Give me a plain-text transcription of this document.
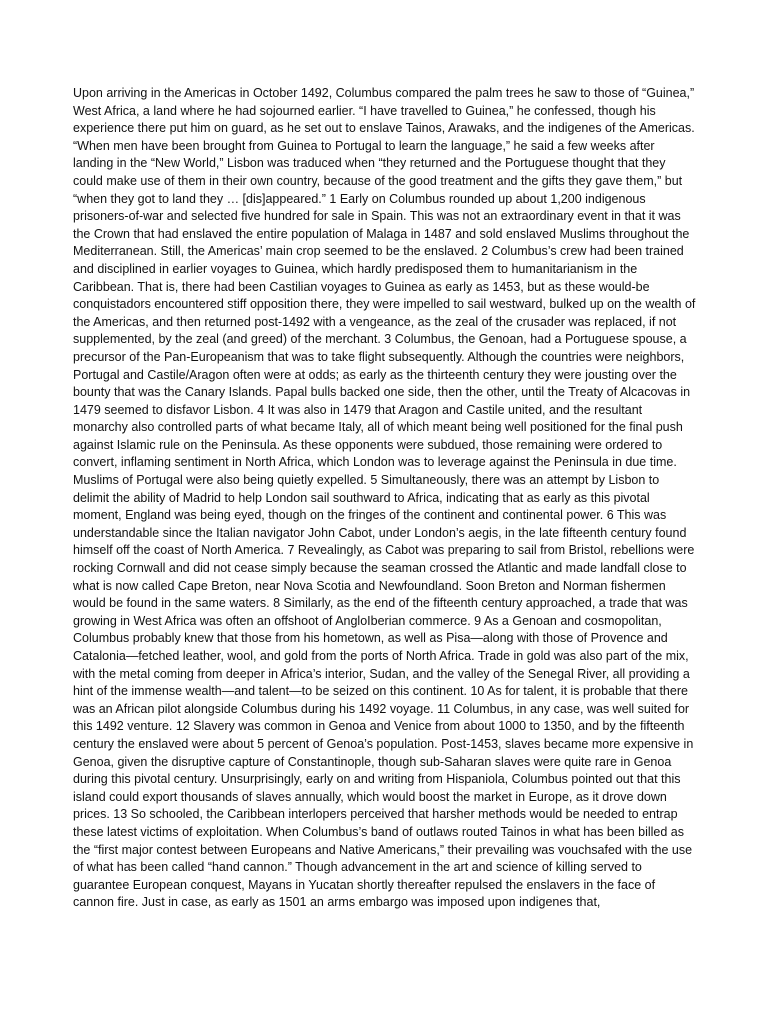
Upon arriving in the Americas in October 1492, Columbus compared the palm trees he saw to those of “Guinea,” West Africa, a land where he had sojourned earlier. “I have travelled to Guinea,” he confessed, though his experience there put him on guard, as he set out to enslave Tainos, Arawaks, and the indigenes of the Americas. “When men have been brought from Guinea to Portugal to learn the language,” he said a few weeks after landing in the “New World,” Lisbon was traduced when “they returned and the Portuguese thought that they could make use of them in their own country, because of the good treatment and the gifts they gave them,” but “when they got to land they … [dis]appeared.” 1 Early on Columbus rounded up about 1,200 indigenous prisoners-of-war and selected five hundred for sale in Spain. This was not an extraordinary event in that it was the Crown that had enslaved the entire population of Malaga in 1487 and sold enslaved Muslims throughout the Mediterranean. Still, the Americas’ main crop seemed to be the enslaved. 2 Columbus’s crew had been trained and disciplined in earlier voyages to Guinea, which hardly predisposed them to humanitarianism in the Caribbean. That is, there had been Castilian voyages to Guinea as early as 1453, but as these would-be conquistadors encountered stiff opposition there, they were impelled to sail westward, bulked up on the wealth of the Americas, and then returned post-1492 with a vengeance, as the zeal of the crusader was replaced, if not supplemented, by the zeal (and greed) of the merchant. 3 Columbus, the Genoan, had a Portuguese spouse, a precursor of the Pan-Europeanism that was to take flight subsequently. Although the countries were neighbors, Portugal and Castile/Aragon often were at odds; as early as the thirteenth century they were jousting over the bounty that was the Canary Islands. Papal bulls backed one side, then the other, until the Treaty of Alcacovas in 1479 seemed to disfavor Lisbon. 4 It was also in 1479 that Aragon and Castile united, and the resultant monarchy also controlled parts of what became Italy, all of which meant being well positioned for the final push against Islamic rule on the Peninsula. As these opponents were subdued, those remaining were ordered to convert, inflaming sentiment in North Africa, which London was to leverage against the Peninsula in due time. Muslims of Portugal were also being quietly expelled. 5 Simultaneously, there was an attempt by Lisbon to delimit the ability of Madrid to help London sail southward to Africa, indicating that as early as this pivotal moment, England was being eyed, though on the fringes of the continent and continental power. 6 This was understandable since the Italian navigator John Cabot, under London’s aegis, in the late fifteenth century found himself off the coast of North America. 7 Revealingly, as Cabot was preparing to sail from Bristol, rebellions were rocking Cornwall and did not cease simply because the seaman crossed the Atlantic and made landfall close to what is now called Cape Breton, near Nova Scotia and Newfoundland. Soon Breton and Norman fishermen would be found in the same waters. 8 Similarly, as the end of the fifteenth century approached, a trade that was growing in West Africa was often an offshoot of AngloIberian commerce. 9 As a Genoan and cosmopolitan, Columbus probably knew that those from his hometown, as well as Pisa—along with those of Provence and Catalonia—fetched leather, wool, and gold from the ports of North Africa. Trade in gold was also part of the mix, with the metal coming from deeper in Africa’s interior, Sudan, and the valley of the Senegal River, all providing a hint of the immense wealth—and talent—to be seized on this continent. 10 As for talent, it is probable that there was an African pilot alongside Columbus during his 1492 voyage. 11 Columbus, in any case, was well suited for this 1492 venture. 12 Slavery was common in Genoa and Venice from about 1000 to 1350, and by the fifteenth century the enslaved were about 5 percent of Genoa’s population. Post-1453, slaves became more expensive in Genoa, given the disruptive capture of Constantinople, though sub-Saharan slaves were quite rare in Genoa during this pivotal century. Unsurprisingly, early on and writing from Hispaniola, Columbus pointed out that this island could export thousands of slaves annually, which would boost the market in Europe, as it drove down prices. 13 So schooled, the Caribbean interlopers perceived that harsher methods would be needed to entrap these latest victims of exploitation. When Columbus’s band of outlaws routed Tainos in what has been billed as the “first major contest between Europeans and Native Americans,” their prevailing was vouchsafed with the use of what has been called “hand cannon.” Though advancement in the art and science of killing served to guarantee European conquest, Mayans in Yucatan shortly thereafter repulsed the enslavers in the face of cannon fire. Just in case, as early as 1501 an arms embargo was imposed upon indigenes that,
